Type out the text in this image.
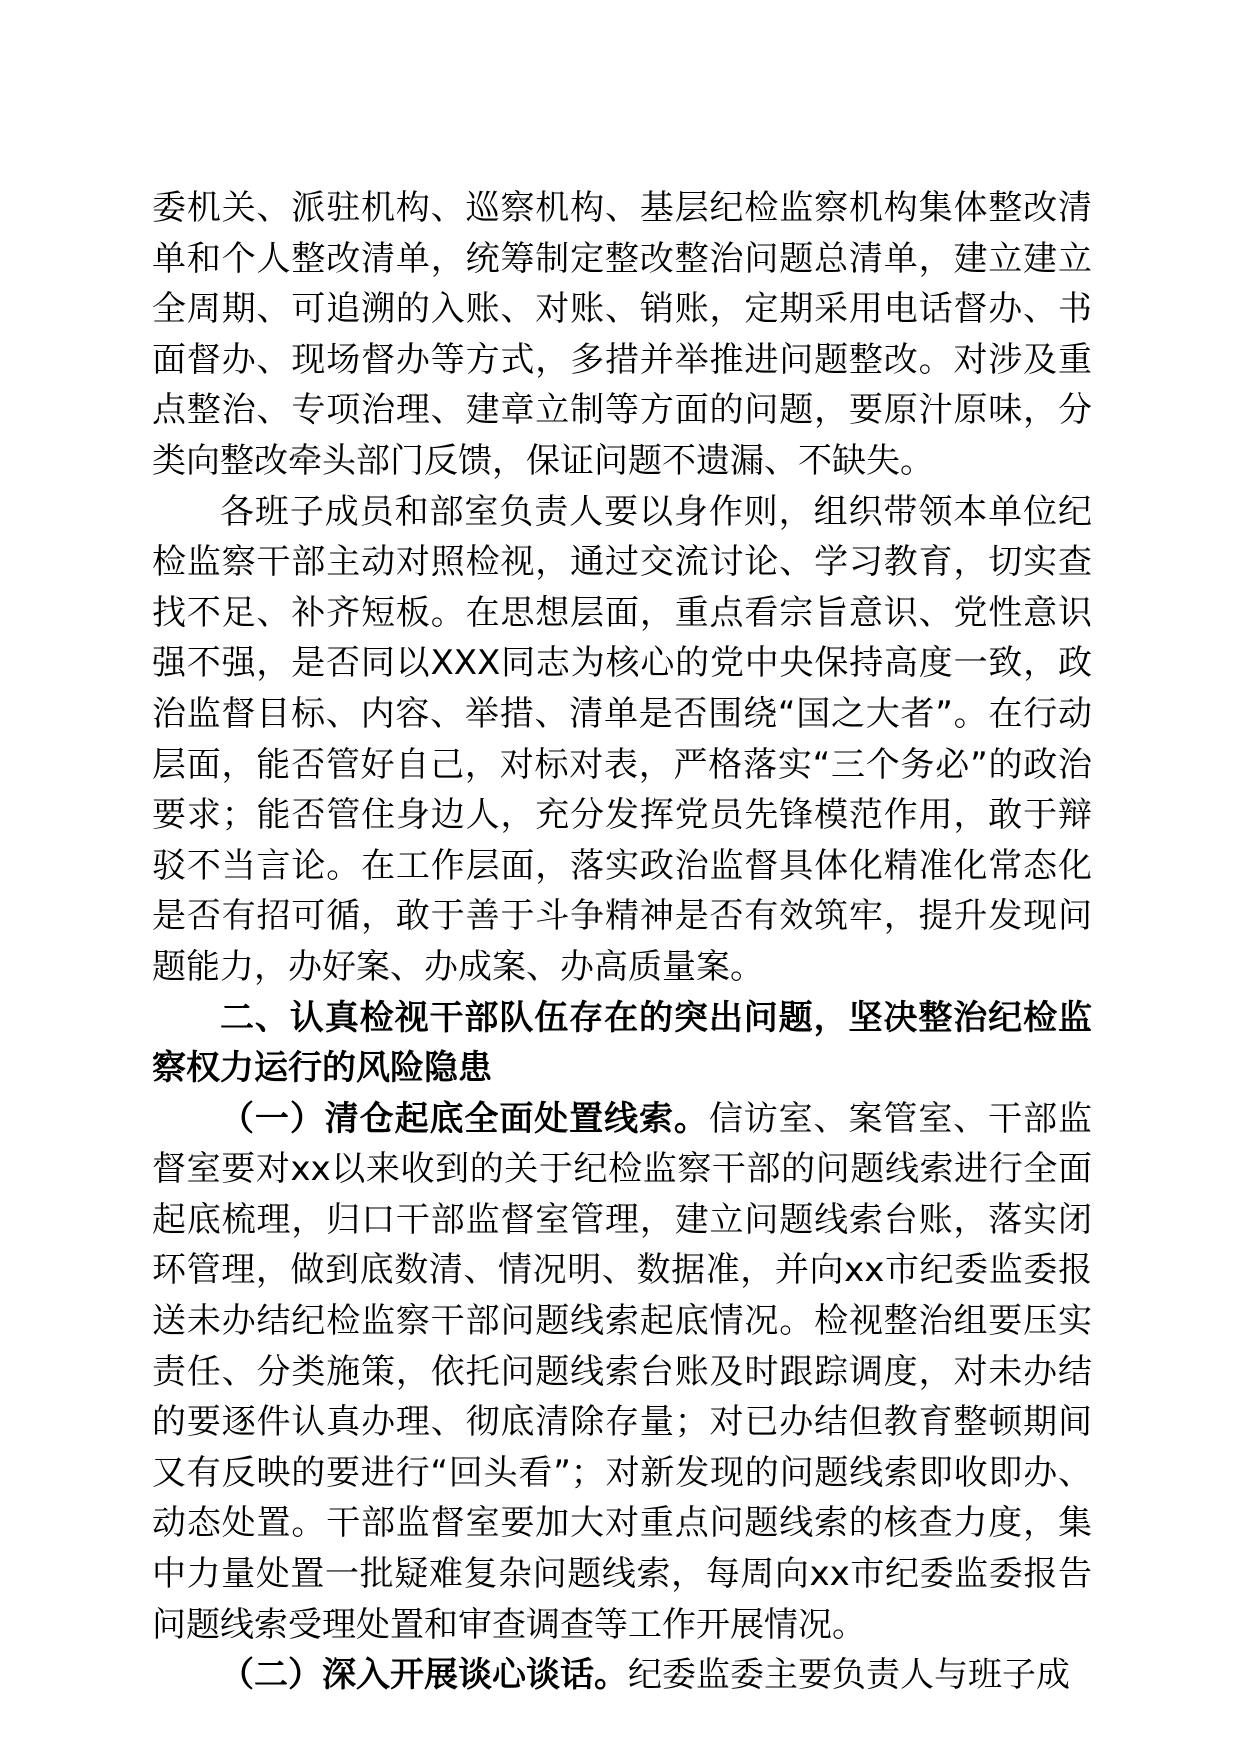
委机关、派驻机构、巡察机构、基层纪检监察机构集体整改清单和个人整改清单，统筹制定整改整治问题总清单，建立建立全周期、可追溯的入账、对账、销账，定期采用电话督办、书面督办、现场督办等方式，多措并举推进问题整改。对涉及重点整治、专项治理、建章立制等方面的问题，要原汁原味，分类向整改牵头部门反馈，保证问题不遗漏、不缺失。

各班子成员和部室负责人要以身作则，组织带领本单位纪检监察干部主动对照检视，通过交流讨论、学习教育，切实查找不足、补齐短板。在思想层面，重点看宗旨意识、党性意识强不强，是否同以XXX同志为核心的党中央保持高度一致，政治监督目标、内容、举措、清单是否围绕“国之大者”。在行动层面，能否管好自己，对标对表，严格落实“三个务必”的政治要求；能否管住身边人，充分发挥党员先锋模范作用，敢于辩驳不当言论。在工作层面，落实政治监督具体化精准化常态化是否有招可循，敢于善于斗争精神是否有效筑牢，提升发现问题能力，办好案、办成案、办高质量案。

二、认真检视干部队伍存在的突出问题，坚决整治纪检监察权力运行的风险隐患

（一）清仓起底全面处置线索。信访室、案管室、干部监督室要对xx以来收到的关于纪检监察干部的问题线索进行全面起底梳理，归口干部监督室管理，建立问题线索台账，落实闭环管理，做到底数清、情况明、数据准，并向xx市纪委监委报送未办结纪检监察干部问题线索起底情况。检视整治组要压实责任、分类施策，依托问题线索台账及时跟踪调度，对未办结的要逐件认真办理、彻底清除存量；对已办结但教育整顿期间又有反映的要进行“回头看”；对新发现的问题线索即收即办、动态处置。干部监督室要加大对重点问题线索的核查力度，集中力量处置一批疑难复杂问题线索，每周向xx市纪委监委报告问题线索受理处置和审查调查等工作开展情况。

（二）深入开展谈心谈话。纪委监委主要负责人与班子成
